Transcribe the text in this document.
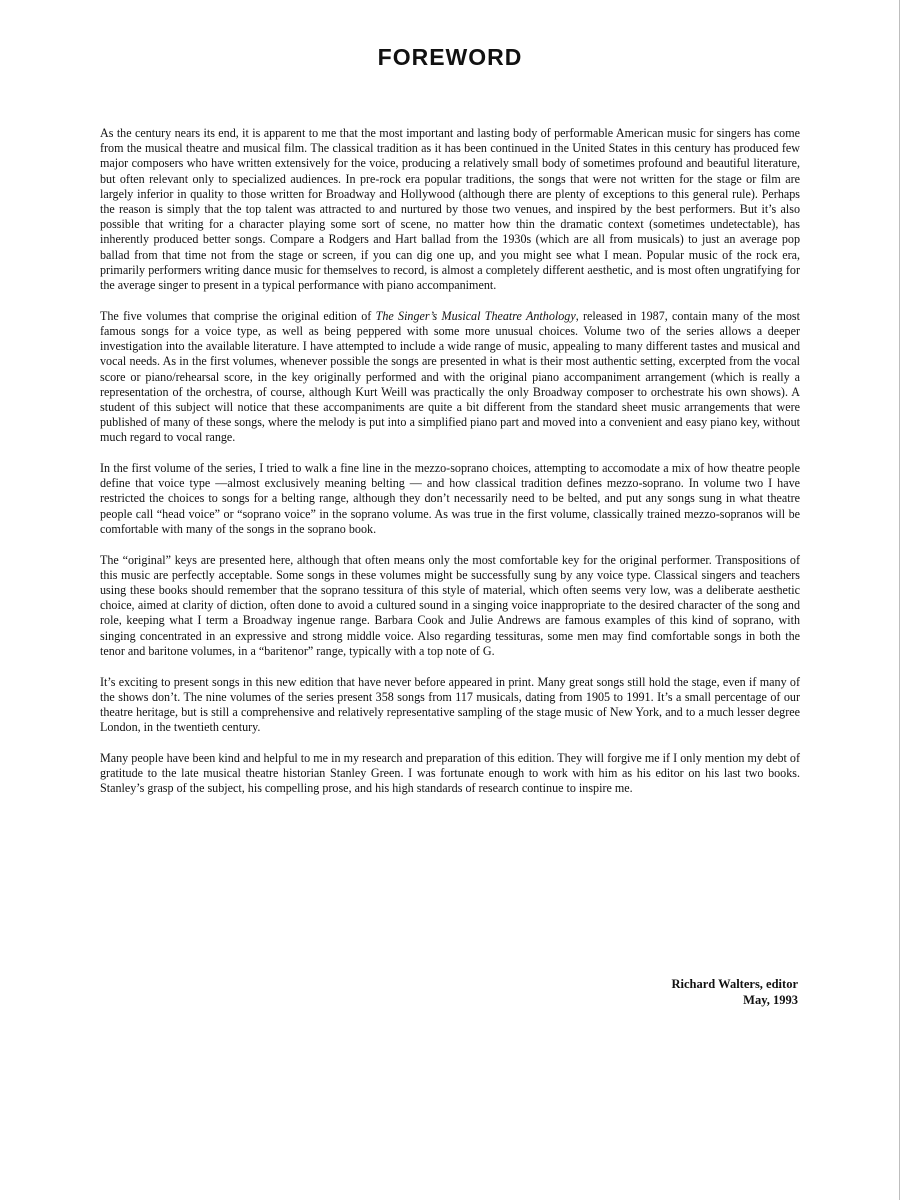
FOREWORD

As the century nears its end, it is apparent to me that the most important and lasting body of performable American music for singers has come from the musical theatre and musical film. The classical tradition as it has been continued in the United States in this century has produced few major composers who have written extensively for the voice, producing a relatively small body of sometimes profound and beautiful literature, but often relevant only to specialized audiences. In pre-rock era popular traditions, the songs that were not written for the stage or film are largely inferior in quality to those written for Broadway and Hollywood (although there are plenty of exceptions to this general rule). Perhaps the reason is simply that the top talent was attracted to and nurtured by those two venues, and inspired by the best performers. But it’s also possible that writing for a character playing some sort of scene, no matter how thin the dramatic context (sometimes undetectable), has inherently produced better songs. Compare a Rodgers and Hart ballad from the 1930s (which are all from musicals) to just an average pop ballad from that time not from the stage or screen, if you can dig one up, and you might see what I mean. Popular music of the rock era, primarily performers writing dance music for themselves to record, is almost a completely different aesthetic, and is most often ungratifying for the average singer to present in a typical performance with piano accompaniment.

The five volumes that comprise the original edition of The Singer’s Musical Theatre Anthology, released in 1987, contain many of the most famous songs for a voice type, as well as being peppered with some more unusual choices. Volume two of the series allows a deeper investigation into the available literature. I have attempted to include a wide range of music, appealing to many different tastes and musical and vocal needs. As in the first volumes, whenever possible the songs are presented in what is their most authentic setting, excerpted from the vocal score or piano/rehearsal score, in the key originally performed and with the original piano accompaniment arrangement (which is really a representation of the orchestra, of course, although Kurt Weill was practically the only Broadway composer to orchestrate his own shows). A student of this subject will notice that these accompaniments are quite a bit different from the standard sheet music arrangements that were published of many of these songs, where the melody is put into a simplified piano part and moved into a convenient and easy piano key, without much regard to vocal range.

In the first volume of the series, I tried to walk a fine line in the mezzo-soprano choices, attempting to accomodate a mix of how theatre people define that voice type —almost exclusively meaning belting — and how classical tradition defines mezzo-soprano. In volume two I have restricted the choices to songs for a belting range, although they don’t necessarily need to be belted, and put any songs sung in what theatre people call “head voice” or “soprano voice” in the soprano volume. As was true in the first volume, classically trained mezzo-sopranos will be comfortable with many of the songs in the soprano book.

The “original” keys are presented here, although that often means only the most comfortable key for the original performer. Transpositions of this music are perfectly acceptable. Some songs in these volumes might be successfully sung by any voice type. Classical singers and teachers using these books should remember that the soprano tessitura of this style of material, which often seems very low, was a deliberate aesthetic choice, aimed at clarity of diction, often done to avoid a cultured sound in a singing voice inappropriate to the desired character of the song and role, keeping what I term a Broadway ingenue range. Barbara Cook and Julie Andrews are famous examples of this kind of soprano, with singing concentrated in an expressive and strong middle voice. Also regarding tessituras, some men may find comfortable songs in both the tenor and baritone volumes, in a “baritenor” range, typically with a top note of G.

It’s exciting to present songs in this new edition that have never before appeared in print. Many great songs still hold the stage, even if many of the shows don’t. The nine volumes of the series present 358 songs from 117 musicals, dating from 1905 to 1991. It’s a small percentage of our theatre heritage, but is still a comprehensive and relatively representative sampling of the stage music of New York, and to a much lesser degree London, in the twentieth century.

Many people have been kind and helpful to me in my research and preparation of this edition. They will forgive me if I only mention my debt of gratitude to the late musical theatre historian Stanley Green. I was fortunate enough to work with him as his editor on his last two books. Stanley’s grasp of the subject, his compelling prose, and his high standards of research continue to inspire me.

Richard Walters, editor
May, 1993
